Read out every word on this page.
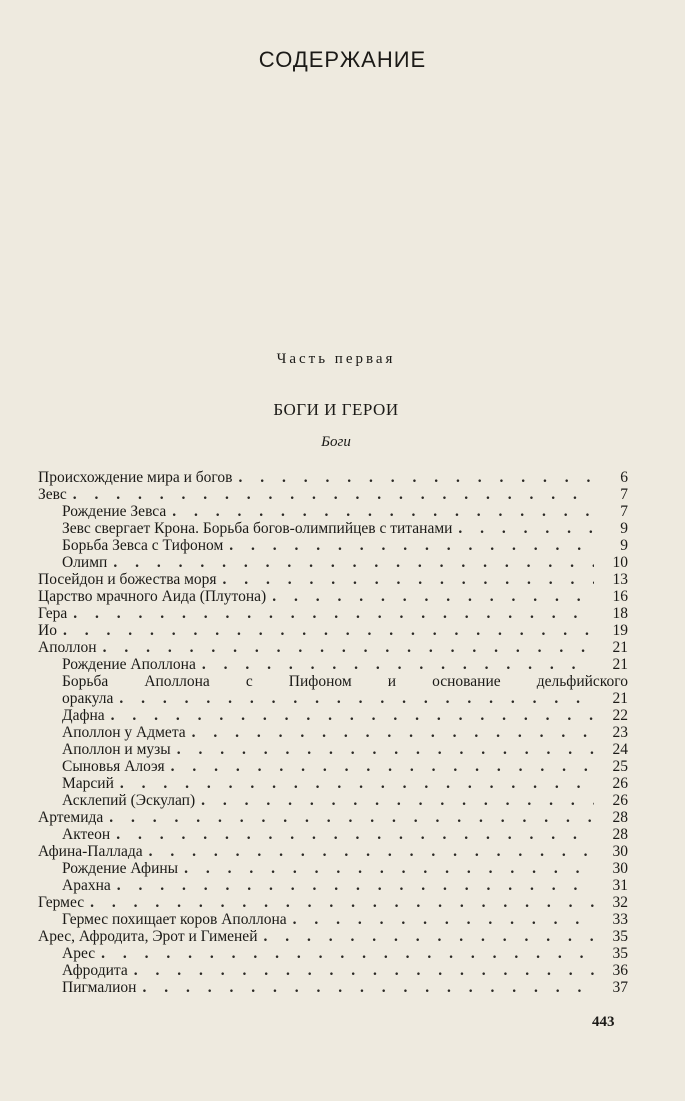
СОДЕРЖАНИЕ
Часть первая
БОГИ И ГЕРОИ
Боги
Происхождение мира и богов . . .	6
Зевс . . .	7
Рождение Зевса . . .	7
Зевс свергает Крона. Борьба богов-олимпийцев с титанами . . .	9
Борьба Зевса с Тифоном . . .	9
Олимп . . .	10
Посейдон и божества моря . . .	13
Царство мрачного Аида (Плутона) . . .	16
Гера . . .	18
Ио . . .	19
Аполлон . . .	21
Рождение Аполлона . . .	21
Борьба Аполлона с Пифоном и основание дельфийского
оракула . . .	21
Дафна . . .	22
Аполлон у Адмета . . .	23
Аполлон и музы . . .	24
Сыновья Алоэя . . .	25
Марсий . . .	26
Асклепий (Эскулап) . . .	26
Артемида . . .	28
Актеон . . .	28
Афина-Паллада . . .	30
Рождение Афины . . .	30
Арахна . . .	31
Гермес . . .	32
Гермес похищает коров Аполлона . . .	33
Арес, Афродита, Эрот и Гименей . . .	35
Арес . . .	35
Афродита . . .	36
Пигмалион . . .	37
443
